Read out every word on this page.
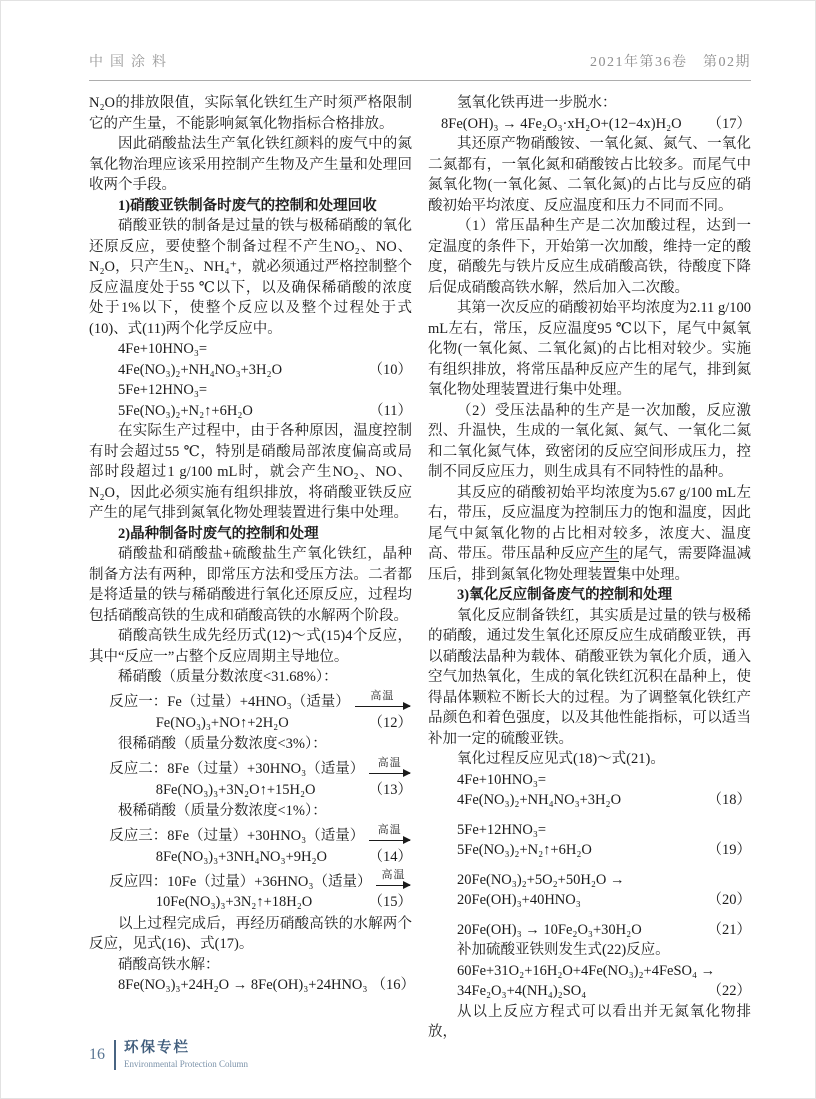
中国涂料	2021年第36卷　第02期

N₂O的排放限值，实际氧化铁红生产时须严格限制它的产生量，不能影响氮氧化物指标合格排放。

因此硝酸盐法生产氧化铁红颜料的废气中的氮氧化物治理应该采用控制产生物及产生量和处理回收两个手段。

1)硝酸亚铁制备时废气的控制和处理回收

硝酸亚铁的制备是过量的铁与极稀硝酸的氧化还原反应，要使整个制备过程不产生NO₂、NO、N₂O，只产生N₂、NH₄⁺，就必须通过严格控制整个反应温度处于55 ℃以下，以及确保稀硝酸的浓度处于1%以下，使整个反应以及整个过程处于式(10)、式(11)两个化学反应中。

4Fe+10HNO₃=
4Fe(NO₃)₂+NH₄NO₃+3H₂O	（10）
5Fe+12HNO₃=
5Fe(NO₃)₂+N₂↑+6H₂O	（11）

在实际生产过程中，由于各种原因，温度控制有时会超过55 ℃，特别是硝酸局部浓度偏高或局部时段超过1 g/100 mL时，就会产生NO₂、NO、N₂O，因此必须实施有组织排放，将硝酸亚铁反应产生的尾气排到氮氧化物处理装置进行集中处理。

2)晶种制备时废气的控制和处理

硝酸盐和硝酸盐+硫酸盐生产氧化铁红，晶种制备方法有两种，即常压方法和受压方法。二者都是将适量的铁与稀硝酸进行氧化还原反应，过程均包括硝酸高铁的生成和硝酸高铁的水解两个阶段。

硝酸高铁生成先经历式(12)～式(15)4个反应，其中“反应一”占整个反应周期主导地位。

稀硝酸（质量分数浓度<31.68%）：

反应一： Fe（过量）+4HNO₃（适量）	高温
Fe(NO₃)₃+NO↑+2H₂O	（12）

很稀硝酸（质量分数浓度<3%）：

反应二： 8Fe（过量）+30HNO₃（适量）	高温
8Fe(NO₃)₃+3N₂O↑+15H₂O	（13）

极稀硝酸（质量分数浓度<1%）：

反应三： 8Fe（过量）+30HNO₃（适量）	高温
8Fe(NO₃)₃+3NH₄NO₃+9H₂O	（14）
反应四： 10Fe（过量）+36HNO₃（适量） 高温
10Fe(NO₃)₃+3N₂↑+18H₂O	（15）

以上过程完成后，再经历硝酸高铁的水解两个反应，见式(16)、式(17)。

硝酸高铁水解：

8Fe(NO₃)₃+24H₂O → 8Fe(OH)₃+24HNO₃ （16）

氢氧化铁再进一步脱水：

8Fe(OH)₃ → 4Fe₂O₃·xH₂O+(12−4x)H₂O （17）

其还原产物硝酸铵、一氧化氮、氮气、一氧化二氮都有，一氧化氮和硝酸铵占比较多。而尾气中氮氧化物(一氧化氮、二氧化氮)的占比与反应的硝酸初始平均浓度、反应温度和压力不同而不同。

（1）常压晶种生产是二次加酸过程，达到一定温度的条件下，开始第一次加酸，维持一定的酸度，硝酸先与铁片反应生成硝酸高铁，待酸度下降后促成硝酸高铁水解，然后加入二次酸。

其第一次反应的硝酸初始平均浓度为2.11 g/100 mL左右，常压，反应温度95 ℃以下，尾气中氮氧化物(一氧化氮、二氧化氮)的占比相对较少。实施有组织排放，将常压晶种反应产生的尾气，排到氮氧化物处理装置进行集中处理。

（2）受压法晶种的生产是一次加酸，反应激烈、升温快，生成的一氧化氮、氮气、一氧化二氮和二氧化氮气体，致密闭的反应空间形成压力，控制不同反应压力，则生成具有不同特性的晶种。

其反应的硝酸初始平均浓度为5.67 g/100 mL左右，带压，反应温度为控制压力的饱和温度，因此尾气中氮氧化物的占比相对较多，浓度大、温度高、带压。带压晶种反应产生的尾气，需要降温减压后，排到氮氧化物处理装置集中处理。

3)氧化反应制备废气的控制和处理

氧化反应制备铁红，其实质是过量的铁与极稀的硝酸，通过发生氧化还原反应生成硝酸亚铁，再以硝酸法晶种为载体、硝酸亚铁为氧化介质，通入空气加热氧化，生成的氧化铁红沉积在晶种上，使得晶体颗粒不断长大的过程。为了调整氧化铁红产品颜色和着色强度，以及其他性能指标，可以适当补加一定的硫酸亚铁。

氧化过程反应见式(18)～式(21)。

4Fe+10HNO₃=
4Fe(NO₃)₂+NH₄NO₃+3H₂O	（18）
5Fe+12HNO₃=
5Fe(NO₃)₂+N₂↑+6H₂O	（19）
20Fe(NO₃)₂+5O₂+50H₂O →
20Fe(OH)₃+40HNO₃	（20）
20Fe(OH)₃ → 10Fe₂O₃+30H₂O	（21）

补加硫酸亚铁则发生式(22)反应。

60Fe+31O₂+16H₂O+4Fe(NO₃)₂+4FeSO₄ →
34Fe₂O₃+4(NH₄)₂SO₄	（22）

从以上反应方程式可以看出并无氮氧化物排放，

16 环保专栏
Environmental Protection Column
